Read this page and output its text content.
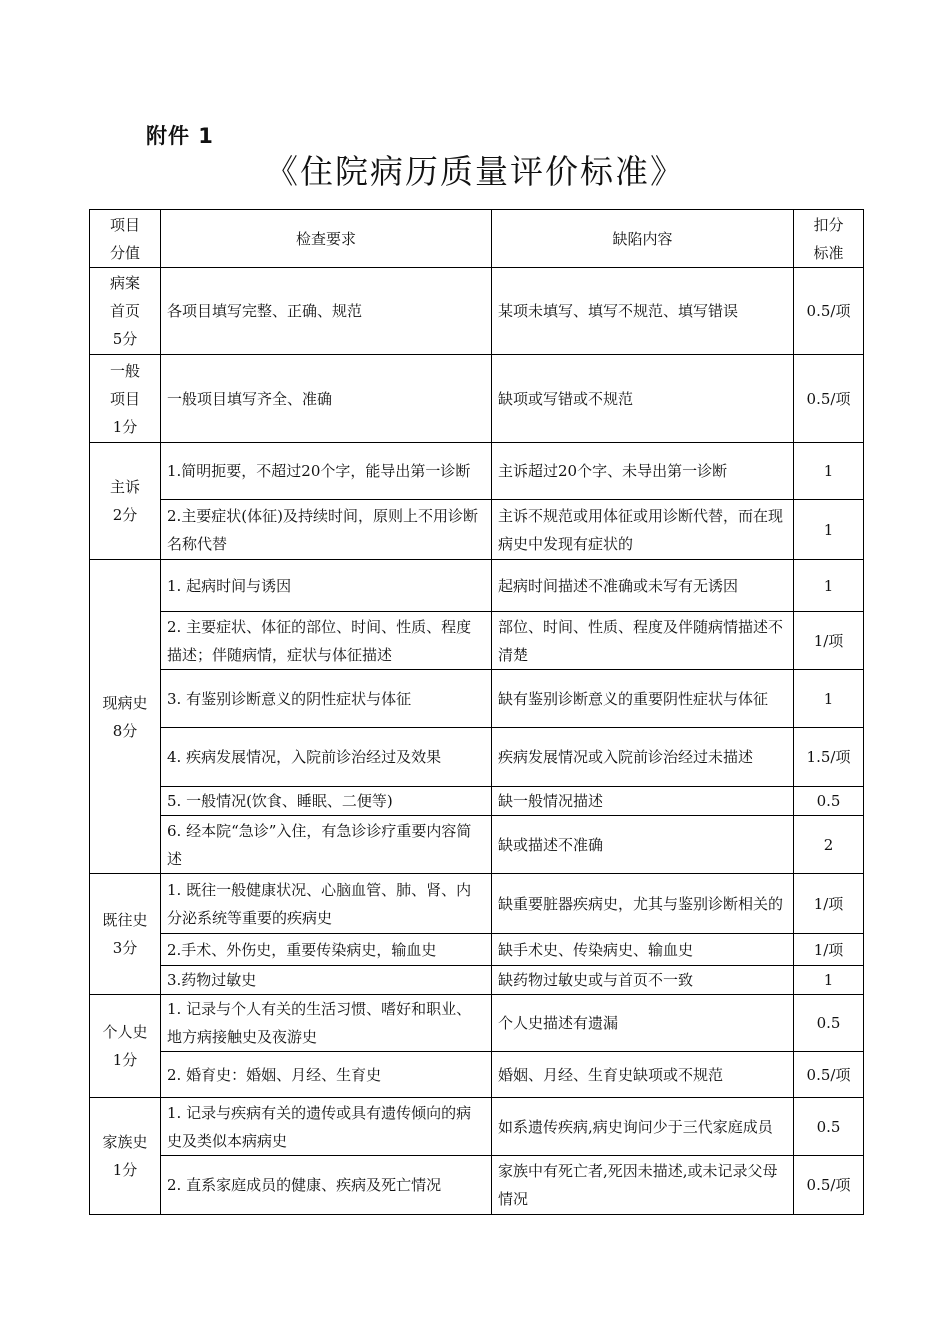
附件 1
《住院病历质量评价标准》
项目
分值	检查要求	缺陷内容	扣分
标准

病案
首页
5分	各项目填写完整、正确、规范	某项未填写、填写不规范、填写错误	0.5/项

一般
项目
1分	一般项目填写齐全、准确	缺项或写错或不规范	0.5/项

主诉
2分	1.简明扼要，不超过20个字，能导出第一诊断	主诉超过20个字、未导出第一诊断	1
	2.主要症状(体征)及持续时间，原则上不用诊断名称代替	主诉不规范或用体征或用诊断代替，而在现病史中发现有症状的	1

现病史
8分	1. 起病时间与诱因	起病时间描述不准确或未写有无诱因	1
	2. 主要症状、体征的部位、时间、性质、程度描述；伴随病情，症状与体征描述	部位、时间、性质、程度及伴随病情描述不清楚	1/项
	3. 有鉴别诊断意义的阴性症状与体征	缺有鉴别诊断意义的重要阴性症状与体征	1
	4. 疾病发展情况，入院前诊治经过及效果	疾病发展情况或入院前诊治经过未描述	1.5/项
	5. 一般情况(饮食、睡眠、二便等)	缺一般情况描述	0.5
	6. 经本院“急诊”入住，有急诊诊疗重要内容简述	缺或描述不准确	2

既往史
3分	1. 既往一般健康状况、心脑血管、肺、肾、内分泌系统等重要的疾病史	缺重要脏器疾病史，尤其与鉴别诊断相关的	1/项
	2.手术、外伤史，重要传染病史，输血史	缺手术史、传染病史、输血史	1/项
	3.药物过敏史	缺药物过敏史或与首页不一致	1

个人史
1分	1. 记录与个人有关的生活习惯、嗜好和职业、地方病接触史及夜游史	个人史描述有遗漏	0.5
	2. 婚育史：婚姻、月经、生育史	婚姻、月经、生育史缺项或不规范	0.5/项

家族史
1分	1. 记录与疾病有关的遗传或具有遗传倾向的病史及类似本病病史	如系遗传疾病,病史询问少于三代家庭成员	0.5
	2. 直系家庭成员的健康、疾病及死亡情况	家族中有死亡者,死因未描述,或未记录父母情况	0.5/项
